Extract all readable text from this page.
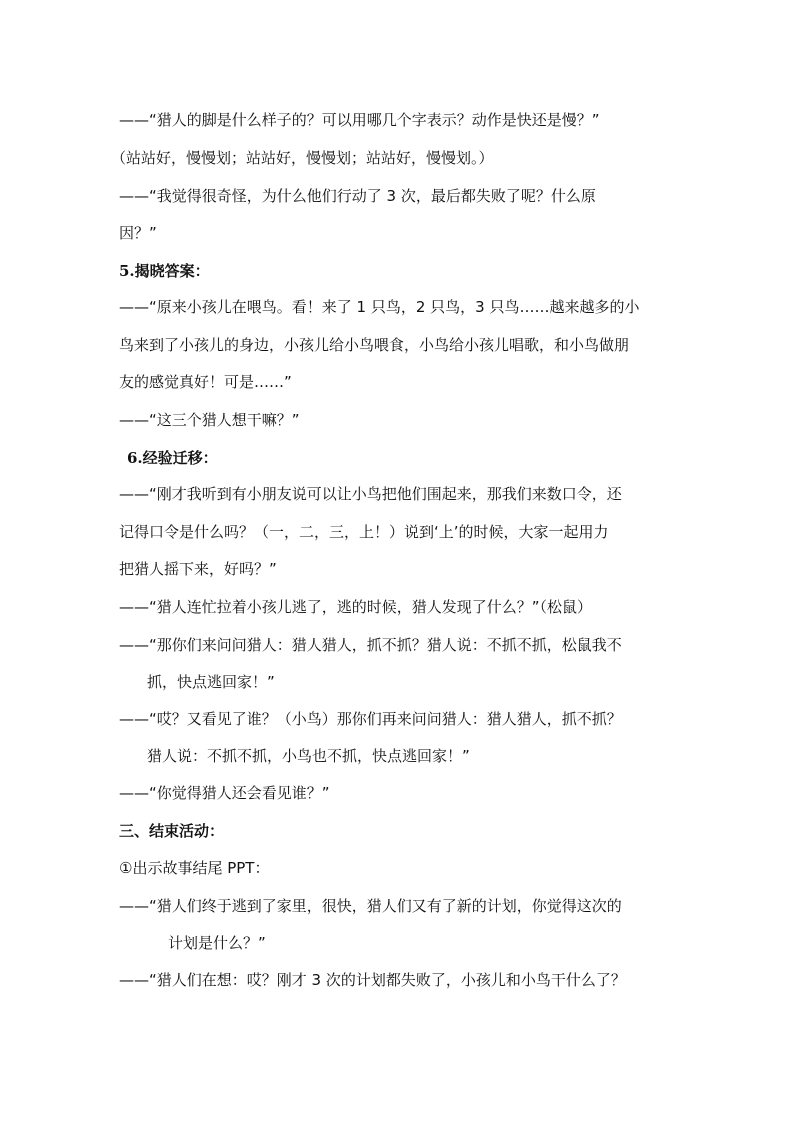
——“猎人的脚是什么样子的？可以用哪几个字表示？动作是快还是慢？”
（站站好，慢慢划；站站好，慢慢划；站站好，慢慢划。）
——“我觉得很奇怪，为什么他们行动了 3 次，最后都失败了呢？什么原
因？”
5.揭晓答案：
——“原来小孩儿在喂鸟。看！来了 1 只鸟，2 只鸟，3 只鸟……越来越多的小
鸟来到了小孩儿的身边，小孩儿给小鸟喂食，小鸟给小孩儿唱歌，和小鸟做朋
友的感觉真好！可是……”
——“这三个猎人想干嘛？”
6.经验迁移：
——“刚才我听到有小朋友说可以让小鸟把他们围起来，那我们来数口令，还
记得口令是什么吗？（一，二，三，上！）说到‘上’的时候，大家一起用力
把猎人摇下来，好吗？”
——“猎人连忙拉着小孩儿逃了，逃的时候，猎人发现了什么？”（松鼠）
——“那你们来问问猎人：猎人猎人，抓不抓？猎人说：不抓不抓，松鼠我不
抓，快点逃回家！”
——“哎？又看见了谁？（小鸟）那你们再来问问猎人：猎人猎人，抓不抓？
猎人说：不抓不抓，小鸟也不抓，快点逃回家！”
——“你觉得猎人还会看见谁？”
三、结束活动：
①出示故事结尾 PPT：
——“猎人们终于逃到了家里，很快，猎人们又有了新的计划，你觉得这次的
计划是什么？”
——“猎人们在想：哎？刚才 3 次的计划都失败了，小孩儿和小鸟干什么了？
